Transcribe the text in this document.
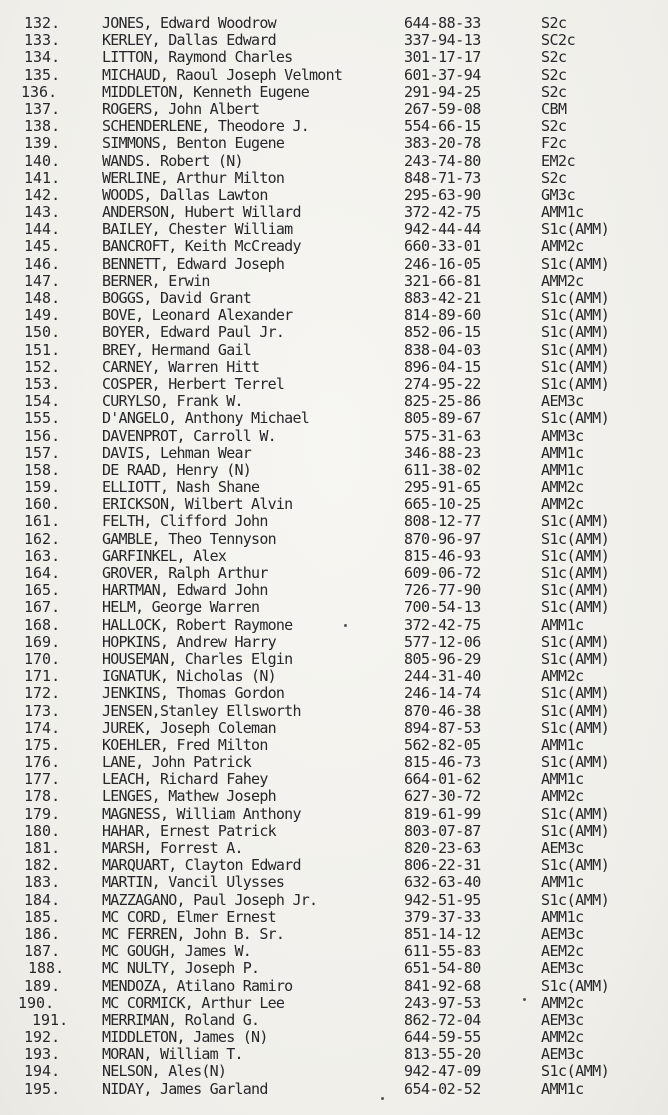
132.	JONES, Edward Woodrow	644-88-33	S2c
133.	KERLEY, Dallas Edward	337-94-13	SC2c
134.	LITTON, Raymond Charles	301-17-17	S2c
135.	MICHAUD, Raoul Joseph Velmont	601-37-94	S2c
136.	MIDDLETON, Kenneth Eugene	291-94-25	S2c
137.	ROGERS, John Albert	267-59-08	CBM
138.	SCHENDERLENE, Theodore J.	554-66-15	S2c
139.	SIMMONS, Benton Eugene	383-20-78	F2c
140.	WANDS. Robert (N)	243-74-80	EM2c
141.	WERLINE, Arthur Milton	848-71-73	S2c
142.	WOODS, Dallas Lawton	295-63-90	GM3c
143.	ANDERSON, Hubert Willard	372-42-75	AMM1c
144.	BAILEY, Chester William	942-44-44	S1c(AMM)
145.	BANCROFT, Keith McCready	660-33-01	AMM2c
146.	BENNETT, Edward Joseph	246-16-05	S1c(AMM)
147.	BERNER, Erwin	321-66-81	AMM2c
148.	BOGGS, David Grant	883-42-21	S1c(AMM)
149.	BOVE, Leonard Alexander	814-89-60	S1c(AMM)
150.	BOYER, Edward Paul Jr.	852-06-15	S1c(AMM)
151.	BREY, Hermand Gail	838-04-03	S1c(AMM)
152.	CARNEY, Warren Hitt	896-04-15	S1c(AMM)
153.	COSPER, Herbert Terrel	274-95-22	S1c(AMM)
154.	CURYLSO, Frank W.	825-25-86	AEM3c
155.	D'ANGELO, Anthony Michael	805-89-67	S1c(AMM)
156.	DAVENPROT, Carroll W.	575-31-63	AMM3c
157.	DAVIS, Lehman Wear	346-88-23	AMM1c
158.	DE RAAD, Henry (N)	611-38-02	AMM1c
159.	ELLIOTT, Nash Shane	295-91-65	AMM2c
160.	ERICKSON, Wilbert Alvin	665-10-25	AMM2c
161.	FELTH, Clifford John	808-12-77	S1c(AMM)
162.	GAMBLE, Theo Tennyson	870-96-97	S1c(AMM)
163.	GARFINKEL, Alex	815-46-93	S1c(AMM)
164.	GROVER, Ralph Arthur	609-06-72	S1c(AMM)
165.	HARTMAN, Edward John	726-77-90	S1c(AMM)
167.	HELM, George Warren	700-54-13	S1c(AMM)
168.	HALLOCK, Robert Raymone	372-42-75	AMM1c
169.	HOPKINS, Andrew Harry	577-12-06	S1c(AMM)
170.	HOUSEMAN, Charles Elgin	805-96-29	S1c(AMM)
171.	IGNATUK, Nicholas (N)	244-31-40	AMM2c
172.	JENKINS, Thomas Gordon	246-14-74	S1c(AMM)
173.	JENSEN,Stanley Ellsworth	870-46-38	S1c(AMM)
174.	JUREK, Joseph Coleman	894-87-53	S1c(AMM)
175.	KOEHLER, Fred Milton	562-82-05	AMM1c
176.	LANE, John Patrick	815-46-73	S1c(AMM)
177.	LEACH, Richard Fahey	664-01-62	AMM1c
178.	LENGES, Mathew Joseph	627-30-72	AMM2c
179.	MAGNESS, William Anthony	819-61-99	S1c(AMM)
180.	HAHAR, Ernest Patrick	803-07-87	S1c(AMM)
181.	MARSH, Forrest A.	820-23-63	AEM3c
182.	MARQUART, Clayton Edward	806-22-31	S1c(AMM)
183.	MARTIN, Vancil Ulysses	632-63-40	AMM1c
184.	MAZZAGANO, Paul Joseph Jr.	942-51-95	S1c(AMM)
185.	MC CORD, Elmer Ernest	379-37-33	AMM1c
186.	MC FERREN, John B. Sr.	851-14-12	AEM3c
187.	MC GOUGH, James W.	611-55-83	AEM2c
188.	MC NULTY, Joseph P.	651-54-80	AEM3c
189.	MENDOZA, Atilano Ramiro	841-92-68	S1c(AMM)
190.	MC CORMICK, Arthur Lee	243-97-53	AMM2c
191. MERRIMAN, Roland G.	862-72-04	AEM3c
192.	MIDDLETON, James (N)	644-59-55	AMM2c
193.	MORAN, William T.	813-55-20	AEM3c
194.	NELSON, Ales(N)	942-47-09	S1c(AMM)
195.	NIDAY, James Garland	654-02-52	AMM1c
